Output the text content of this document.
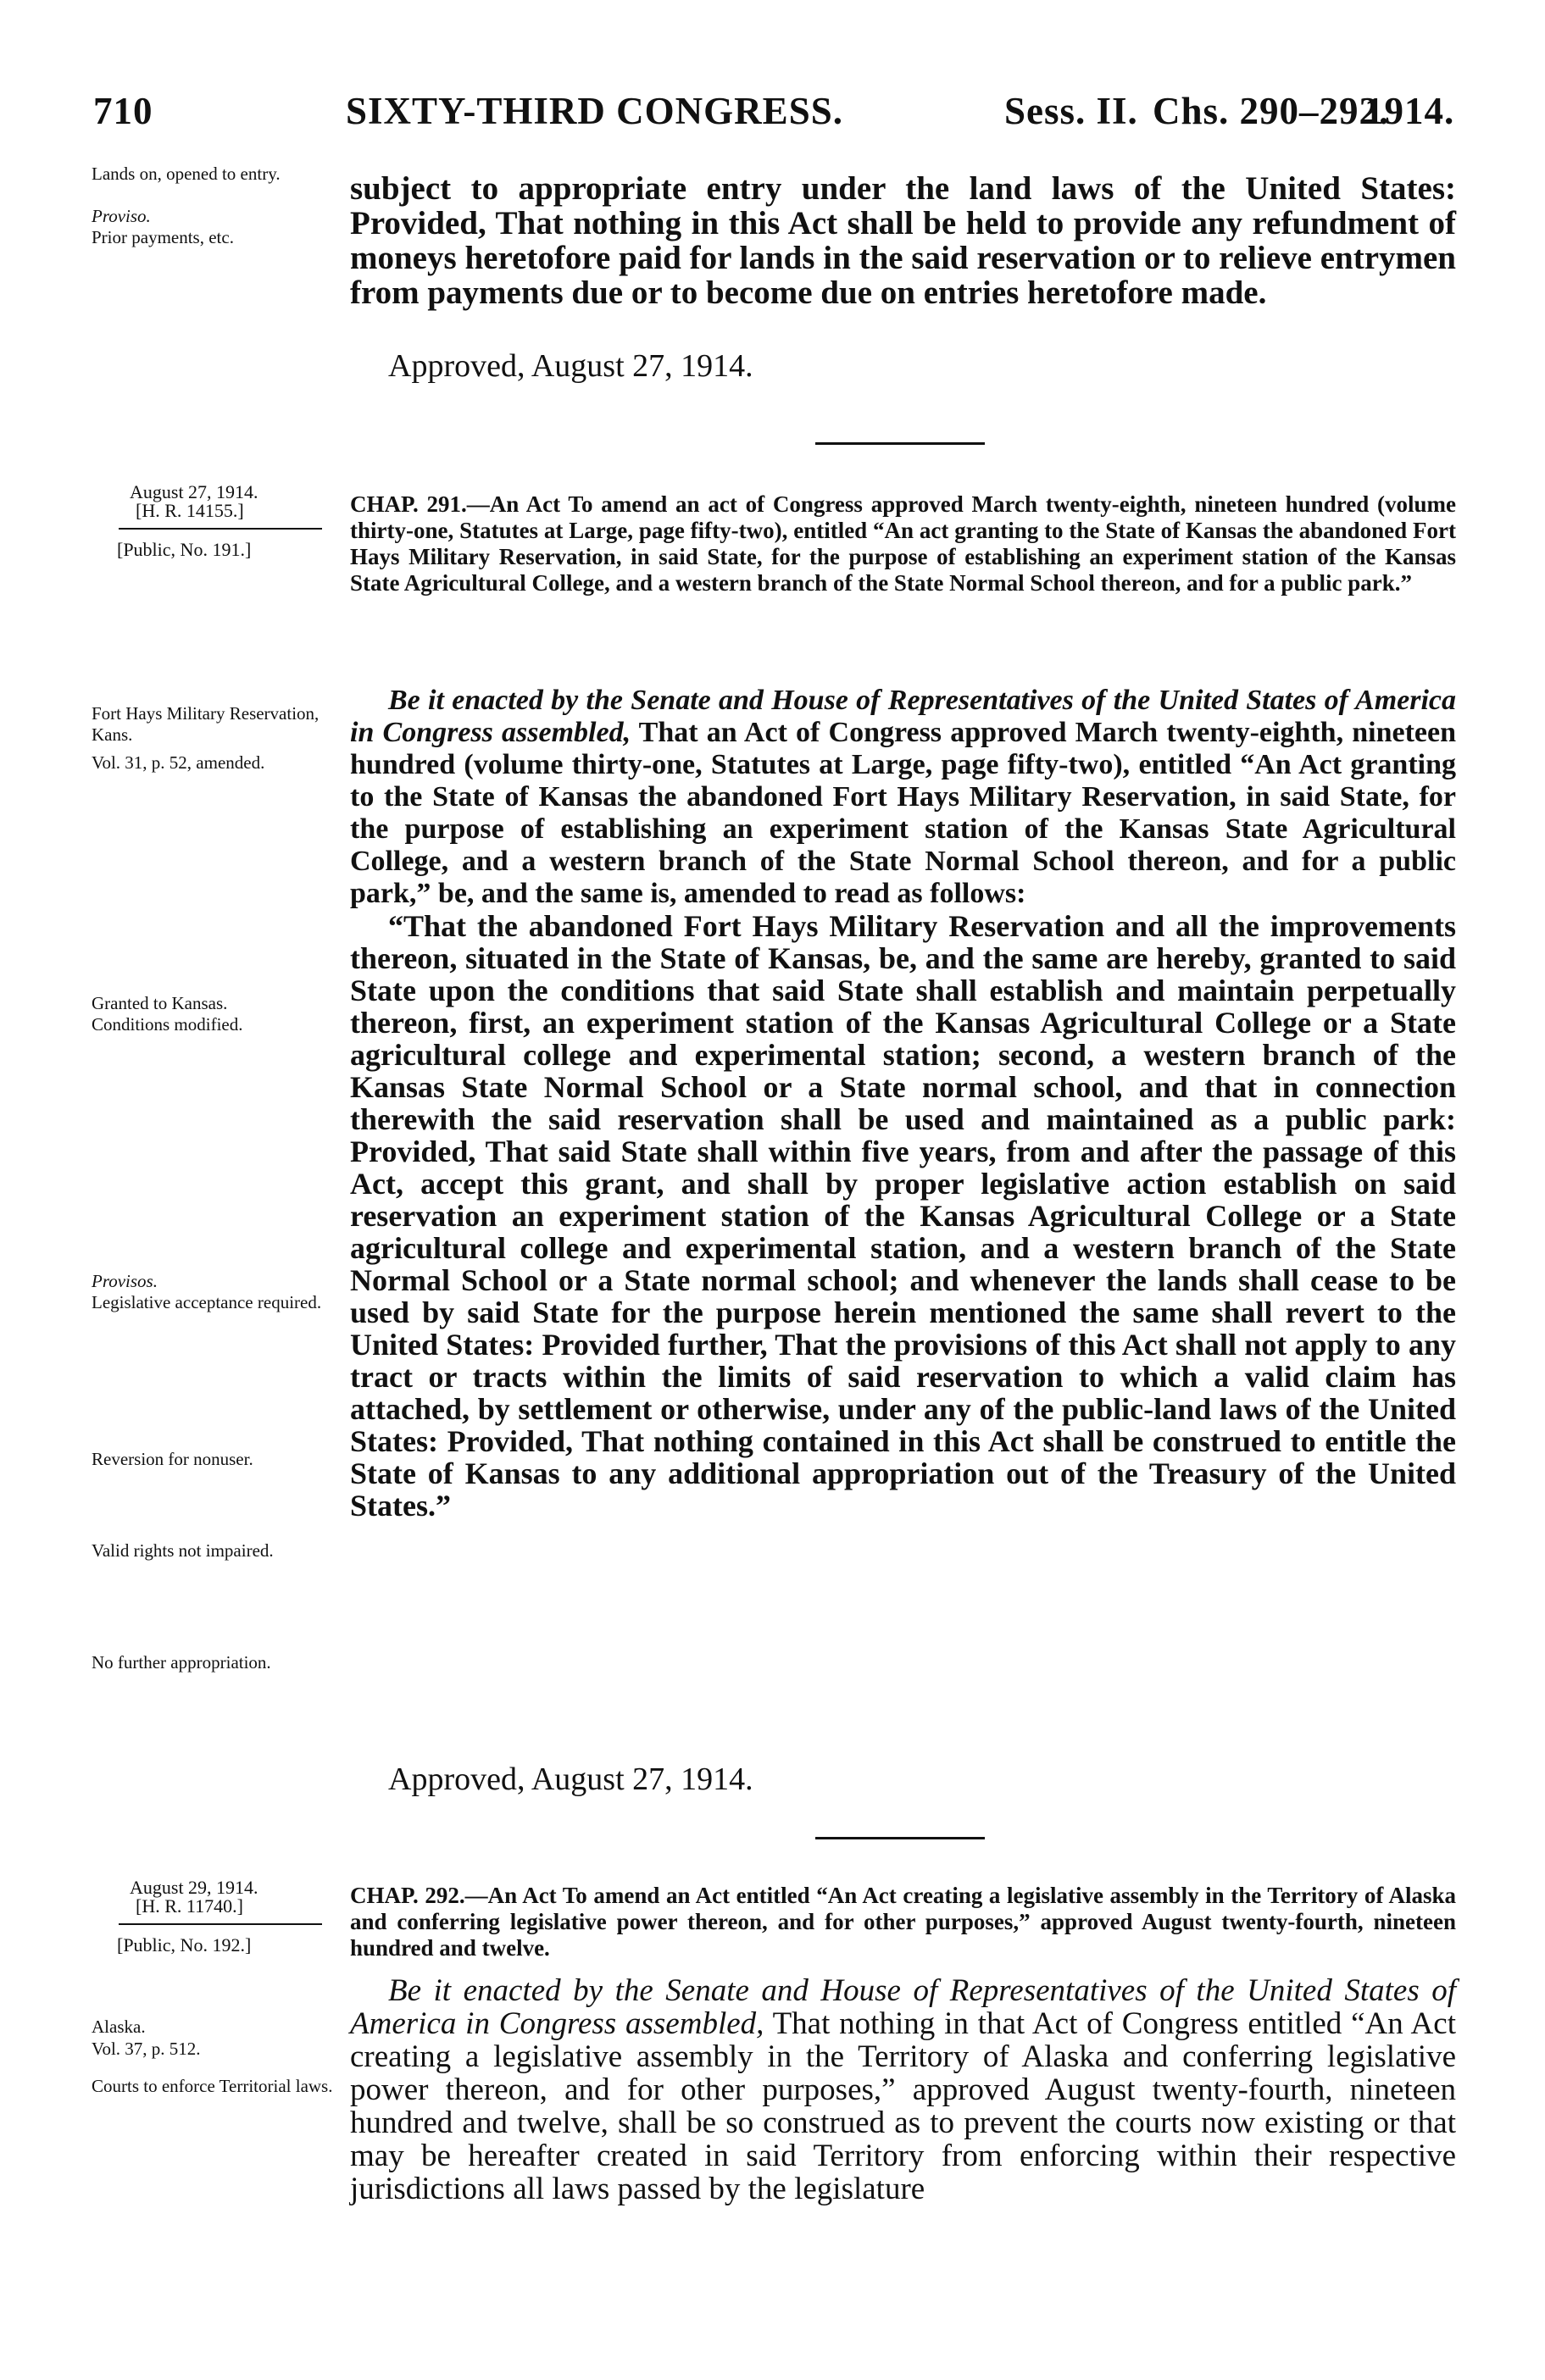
710	SIXTY-THIRD CONGRESS.	Sess. II. Chs. 290–292.
1914.
Lands on, opened to entry.
Proviso.
Prior payments, etc.

subject to appropriate entry under the land laws of the United States: Provided, That nothing in this Act shall be held to provide any refundment of moneys heretofore paid for lands in the said reservation or to relieve entrymen from payments due or to become due on entries heretofore made.

Approved, August 27, 1914.
August 27, 1914.
[H. R. 14155.]
[Public, No. 191.]

CHAP. 291.—An Act To amend an act of Congress approved March twenty-eighth, nineteen hundred (volume thirty-one, Statutes at Large, page fifty-two), entitled “An act granting to the State of Kansas the abandoned Fort Hays Military Reservation, in said State, for the purpose of establishing an experiment station of the Kansas State Agricultural College, and a western branch of the State Normal School thereon, and for a public park.”

Fort Hays Military Reservation, Kans.
Vol. 31, p. 52, amended.
Granted to Kansas.
Conditions modified.
Provisos.
Legislative acceptance required.
Reversion for nonuser.
Valid rights not impaired.
No further appropriation.

Be it enacted by the Senate and House of Representatives of the United States of America in Congress assembled, That an Act of Congress approved March twenty-eighth, nineteen hundred (volume thirty-one, Statutes at Large, page fifty-two), entitled “An Act granting to the State of Kansas the abandoned Fort Hays Military Reservation, in said State, for the purpose of establishing an experiment station of the Kansas State Agricultural College, and a western branch of the State Normal School thereon, and for a public park,” be, and the same is, amended to read as follows:

“That the abandoned Fort Hays Military Reservation and all the improvements thereon, situated in the State of Kansas, be, and the same are hereby, granted to said State upon the conditions that said State shall establish and maintain perpetually thereon, first, an experiment station of the Kansas Agricultural College or a State agricultural college and experimental station; second, a western branch of the Kansas State Normal School or a State normal school, and that in connection therewith the said reservation shall be used and maintained as a public park: Provided, That said State shall within five years, from and after the passage of this Act, accept this grant, and shall by proper legislative action establish on said reservation an experiment station of the Kansas Agricultural College or a State agricultural college and experimental station, and a western branch of the State Normal School or a State normal school; and whenever the lands shall cease to be used by said State for the purpose herein mentioned the same shall revert to the United States: Provided further, That the provisions of this Act shall not apply to any tract or tracts within the limits of said reservation to which a valid claim has attached, by settlement or otherwise, under any of the public-land laws of the United States: Provided, That nothing contained in this Act shall be construed to entitle the State of Kansas to any additional appropriation out of the Treasury of the United States.”

Approved, August 27, 1914.
August 29, 1914.
[H. R. 11740.]
[Public, No. 192.]

CHAP. 292.—An Act To amend an Act entitled “An Act creating a legislative assembly in the Territory of Alaska and conferring legislative power thereon, and for other purposes,” approved August twenty-fourth, nineteen hundred and twelve.

Alaska.
Vol. 37, p. 512.
Courts to enforce Territorial laws.

Be it enacted by the Senate and House of Representatives of the United States of America in Congress assembled, That nothing in that Act of Congress entitled “An Act creating a legislative assembly in the Territory of Alaska and conferring legislative power thereon, and for other purposes,” approved August twenty-fourth, nineteen hundred and twelve, shall be so construed as to prevent the courts now existing or that may be hereafter created in said Territory from enforcing within their respective jurisdictions all laws passed by the legislature
